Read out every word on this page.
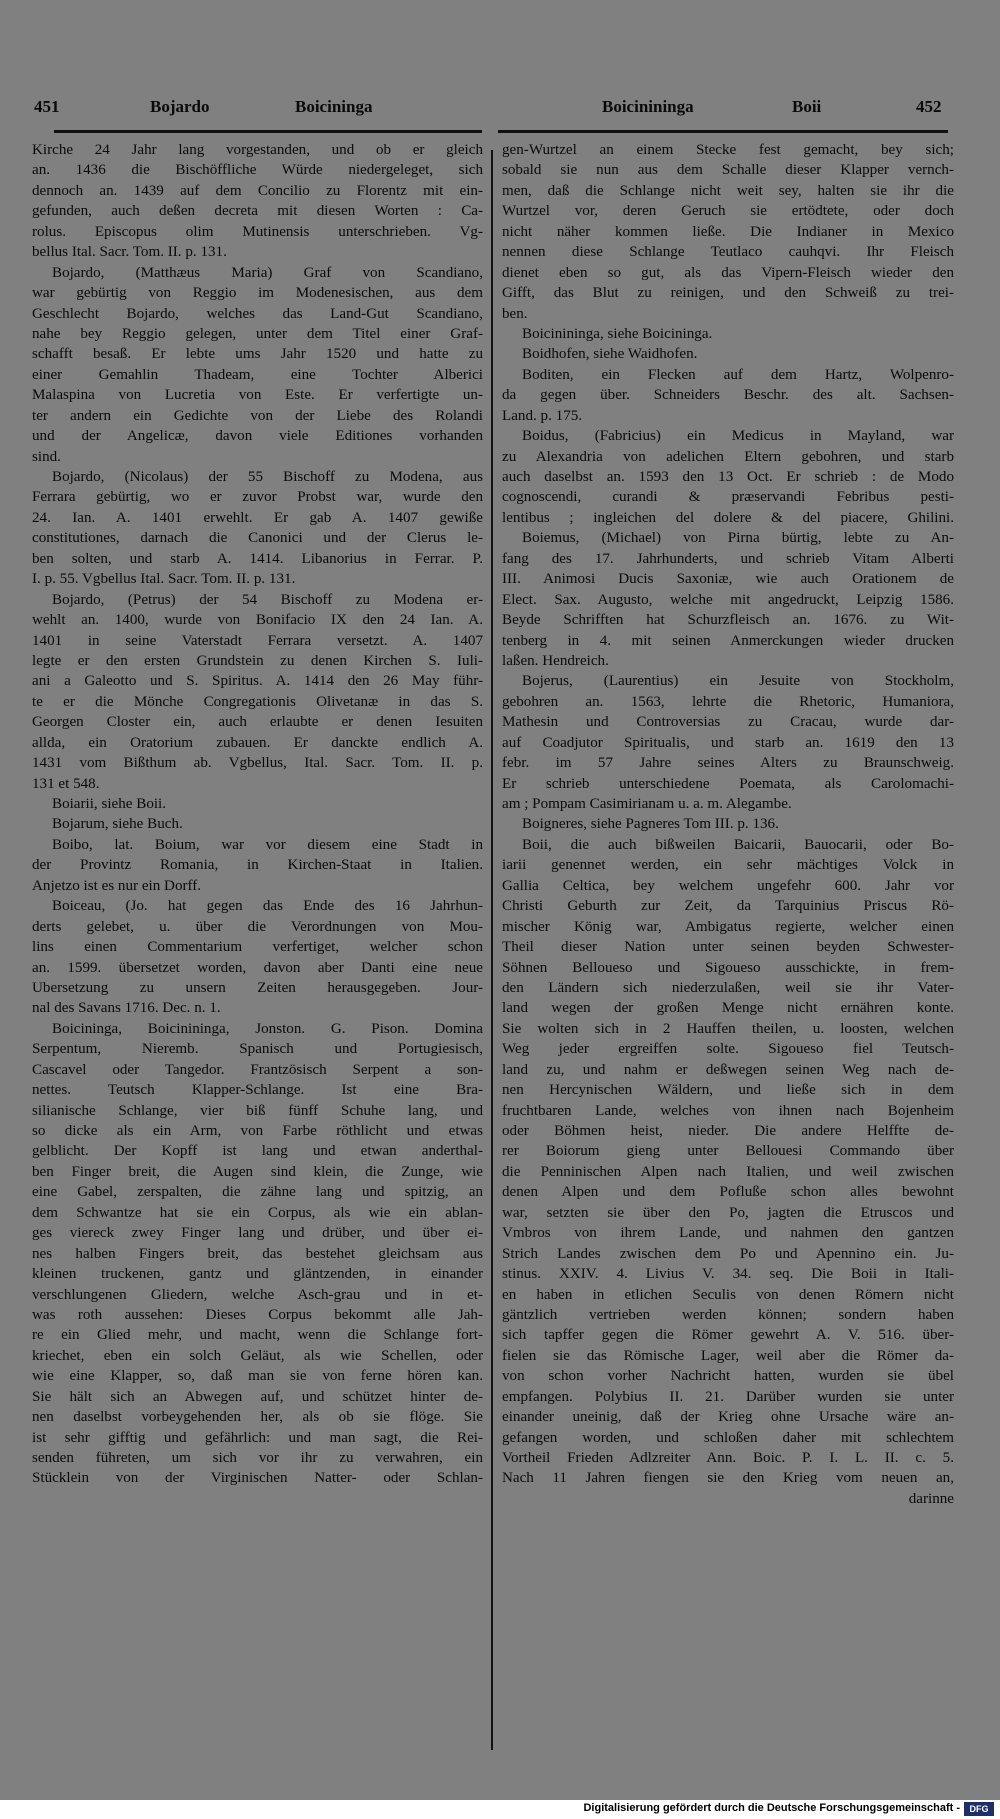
451	Bojardo	Boicininga	Boicinininga	Boii	452
Kirche 24 Jahr lang vorgestanden, und ob er gleich
an. 1436 die Bischöffliche Würde niedergeleget, sich
dennoch an. 1439 auf dem Concilio zu Florentz mit ein-
gefunden, auch deßen decreta mit diesen Worten : Ca-
rolus. Episcopus olim Mutinensis unterschrieben. Vg-
bellus Ital. Sacr. Tom. II. p. 131.
Bojardo, (Matthæus Maria) Graf von Scandiano,
war gebürtig von Reggio im Modenesischen, aus dem
Geschlecht Bojardo, welches das Land-Gut Scandiano,
nahe bey Reggio gelegen, unter dem Titel einer Graf-
schafft besaß. Er lebte ums Jahr 1520 und hatte zu
einer Gemahlin Thadeam, eine Tochter Alberici
Malaspina von Lucretia von Este. Er verfertigte un-
ter andern ein Gedichte von der Liebe des Rolandi
und der Angelicæ, davon viele Editiones vorhanden
sind.
Bojardo, (Nicolaus) der 55 Bischoff zu Modena, aus
Ferrara gebürtig, wo er zuvor Probst war, wurde den
24. Ian. A. 1401 erwehlt. Er gab A. 1407 gewiße
constitutiones, darnach die Canonici und der Clerus le-
ben solten, und starb A. 1414. Libanorius in Ferrar. P.
I. p. 55. Vgbellus Ital. Sacr. Tom. II. p. 131.
Bojardo, (Petrus) der 54 Bischoff zu Modena er-
wehlt an. 1400, wurde von Bonifacio IX den 24 Ian. A.
1401 in seine Vaterstadt Ferrara versetzt. A. 1407
legte er den ersten Grundstein zu denen Kirchen S. Iuli-
ani a Galeotto und S. Spiritus. A. 1414 den 26 May führ-
te er die Mönche Congregationis Olivetanæ in das S.
Georgen Closter ein, auch erlaubte er denen Iesuiten
allda, ein Oratorium zubauen. Er danckte endlich A.
1431 vom Bißthum ab. Vgbellus, Ital. Sacr. Tom. II. p.
131 et 548.
Boiarii, siehe Boii.
Bojarum, siehe Buch.
Boibo, lat. Boium, war vor diesem eine Stadt in
der Provintz Romania, in Kirchen-Staat in Italien.
Anjetzo ist es nur ein Dorff.
Boiceau, (Jo. hat gegen das Ende des 16 Jahrhun-
derts gelebet, u. über die Verordnungen von Mou-
lins einen Commentarium verfertiget, welcher schon
an. 1599. übersetzet worden, davon aber Danti eine neue
Ubersetzung zu unsern Zeiten herausgegeben. Jour-
nal des Savans 1716. Dec. n. 1.
Boicininga, Boicinininga, Jonston. G. Pison. Domina
Serpentum, Nieremb. Spanisch und Portugiesisch,
Cascavel oder Tangedor. Frantzösisch Serpent a son-
nettes. Teutsch Klapper-Schlange. Ist eine Bra-
silianische Schlange, vier biß fünff Schuhe lang, und
so dicke als ein Arm, von Farbe röthlicht und etwas
gelblicht. Der Kopff ist lang und etwan anderthal-
ben Finger breit, die Augen sind klein, die Zunge, wie
eine Gabel, zerspalten, die zähne lang und spitzig, an
dem Schwantze hat sie ein Corpus, als wie ein ablan-
ges viereck zwey Finger lang und drüber, und über ei-
nes halben Fingers breit, das bestehet gleichsam aus
kleinen truckenen, gantz und gläntzenden, in einander
verschlungenen Gliedern, welche Asch-grau und in et-
was roth aussehen: Dieses Corpus bekommt alle Jah-
re ein Glied mehr, und macht, wenn die Schlange fort-
kriechet, eben ein solch Geläut, als wie Schellen, oder
wie eine Klapper, so, daß man sie von ferne hören kan.
Sie hält sich an Abwegen auf, und schützet hinter de-
nen daselbst vorbeygehenden her, als ob sie flöge. Sie
ist sehr gifftig und gefährlich: und man sagt, die Rei-
senden führeten, um sich vor ihr zu verwahren, ein
Stücklein von der Virginischen Natter- oder Schlan-
gen-Wurtzel an einem Stecke fest gemacht, bey sich;
sobald sie nun aus dem Schalle dieser Klapper vernch-
men, daß die Schlange nicht weit sey, halten sie ihr die
Wurtzel vor, deren Geruch sie ertödtete, oder doch
nicht näher kommen ließe. Die Indianer in Mexico
nennen diese Schlange Teutlaco cauhqvi. Ihr Fleisch
dienet eben so gut, als das Vipern-Fleisch wieder den
Gifft, das Blut zu reinigen, und den Schweiß zu trei-
ben.
Boicinininga, siehe Boicininga.
Boidhofen, siehe Waidhofen.
Boditen, ein Flecken auf dem Hartz, Wolpenro-
da gegen über. Schneiders Beschr. des alt. Sachsen-
Land. p. 175.
Boidus, (Fabricius) ein Medicus in Mayland, war
zu Alexandria von adelichen Eltern gebohren, und starb
auch daselbst an. 1593 den 13 Oct. Er schrieb : de Modo
cognoscendi, curandi & præservandi Febribus pesti-
lentibus ; ingleichen del dolere & del piacere, Ghilini.
Boiemus, (Michael) von Pirna bürtig, lebte zu An-
fang des 17. Jahrhunderts, und schrieb Vitam Alberti
III. Animosi Ducis Saxoniæ, wie auch Orationem de
Elect. Sax. Augusto, welche mit angedruckt, Leipzig 1586.
Beyde Schrifften hat Schurzfleisch an. 1676. zu Wit-
tenberg in 4. mit seinen Anmerckungen wieder drucken
laßen. Hendreich.
Bojerus, (Laurentius) ein Jesuite von Stockholm,
gebohren an. 1563, lehrte die Rhetoric, Humaniora,
Mathesin und Controversias zu Cracau, wurde dar-
auf Coadjutor Spiritualis, und starb an. 1619 den 13
febr. im 57 Jahre seines Alters zu Braunschweig.
Er schrieb unterschiedene Poemata, als Carolomachi-
am ; Pompam Casimirianam u. a. m. Alegambe.
Boigneres, siehe Pagneres Tom III. p. 136.
Boii, die auch bißweilen Baicarii, Bauocarii, oder Bo-
iarii genennet werden, ein sehr mächtiges Volck in
Gallia Celtica, bey welchem ungefehr 600. Jahr vor
Christi Geburth zur Zeit, da Tarquinius Priscus Rö-
mischer König war, Ambigatus regierte, welcher einen
Theil dieser Nation unter seinen beyden Schwester-
Söhnen Belloueso und Sigoueso ausschickte, in frem-
den Ländern sich niederzulaßen, weil sie ihr Vater-
land wegen der großen Menge nicht ernähren konte.
Sie wolten sich in 2 Hauffen theilen, u. loosten, welchen
Weg jeder ergreiffen solte. Sigoueso fiel Teutsch-
land zu, und nahm er deßwegen seinen Weg nach de-
nen Hercynischen Wäldern, und ließe sich in dem
fruchtbaren Lande, welches von ihnen nach Bojenheim
oder Böhmen heist, nieder. Die andere Helffte de-
rer Boiorum gieng unter Bellouesi Commando über
die Penninischen Alpen nach Italien, und weil zwischen
denen Alpen und dem Pofluße schon alles bewohnt
war, setzten sie über den Po, jagten die Etruscos und
Vmbros von ihrem Lande, und nahmen den gantzen
Strich Landes zwischen dem Po und Apennino ein. Ju-
stinus. XXIV. 4. Livius V. 34. seq. Die Boii in Itali-
en haben in etlichen Seculis von denen Römern nicht
gäntzlich vertrieben werden können; sondern haben
sich tapffer gegen die Römer gewehrt A. V. 516. über-
fielen sie das Römische Lager, weil aber die Römer da-
von schon vorher Nachricht hatten, wurden sie übel
empfangen. Polybius II. 21. Darüber wurden sie unter
einander uneinig, daß der Krieg ohne Ursache wäre an-
gefangen worden, und schloßen daher mit schlechtem
Vortheil Frieden Adlzreiter Ann. Boic. P. I. L. II. c. 5.
Nach 11 Jahren fiengen sie den Krieg vom neuen an,
darinne
Digitalisierung gefördert durch die Deutsche Forschungsgemeinschaft -	DFG
